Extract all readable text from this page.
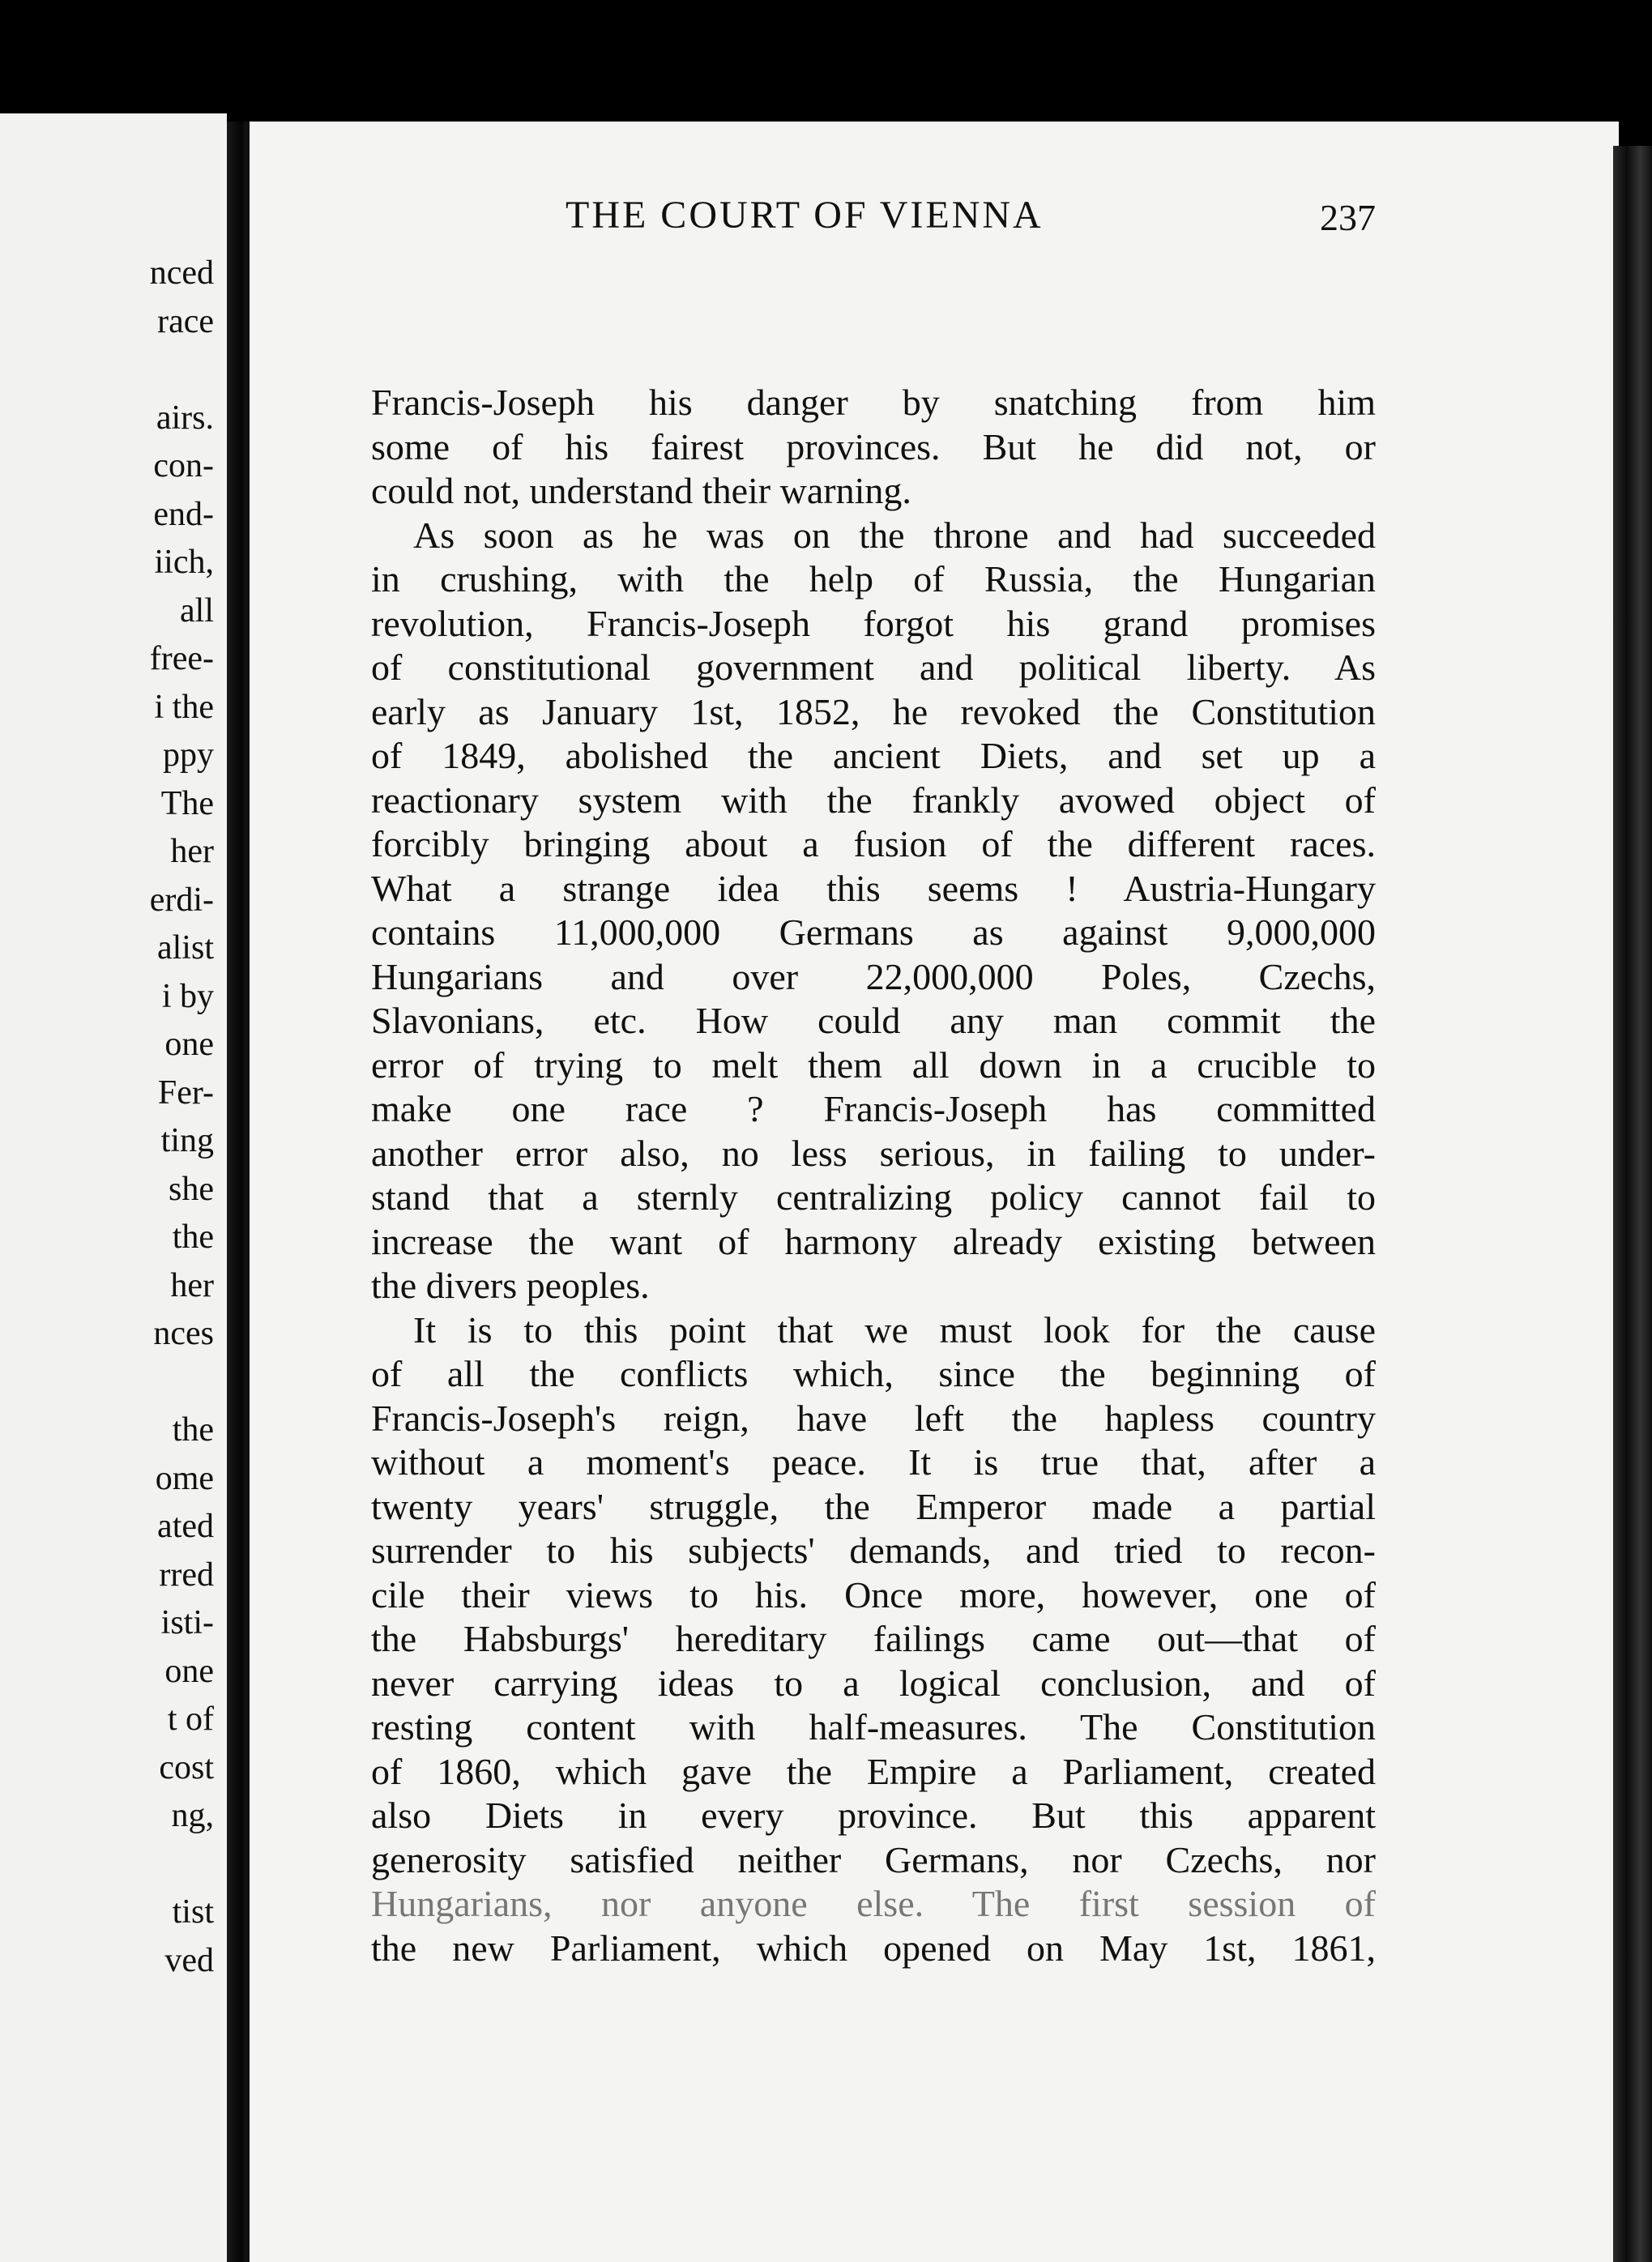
nced
race
airs.
con-
end-
iich,
all
free-
i the
ppy
The
her
erdi-
alist
i by
one
Fer-
ting
she
the
her
nces
the
ome
ated
rred
isti-
one
t of
cost
ng,
tist
ved
THE COURT OF VIENNA	237
Francis-Joseph his danger by snatching from him
some of his fairest provinces. But he did not, or
could not, understand their warning.
As soon as he was on the throne and had succeeded
in crushing, with the help of Russia, the Hungarian
revolution, Francis-Joseph forgot his grand promises
of constitutional government and political liberty. As
early as January 1st, 1852, he revoked the Constitution
of 1849, abolished the ancient Diets, and set up a
reactionary system with the frankly avowed object of
forcibly bringing about a fusion of the different races.
What a strange idea this seems ! Austria-Hungary
contains 11,000,000 Germans as against 9,000,000
Hungarians and over 22,000,000 Poles, Czechs,
Slavonians, etc. How could any man commit the
error of trying to melt them all down in a crucible to
make one race ? Francis-Joseph has committed
another error also, no less serious, in failing to under-
stand that a sternly centralizing policy cannot fail to
increase the want of harmony already existing between
the divers peoples.
It is to this point that we must look for the cause
of all the conflicts which, since the beginning of
Francis-Joseph's reign, have left the hapless country
without a moment's peace. It is true that, after a
twenty years' struggle, the Emperor made a partial
surrender to his subjects' demands, and tried to recon-
cile their views to his. Once more, however, one of
the Habsburgs' hereditary failings came out—that of
never carrying ideas to a logical conclusion, and of
resting content with half-measures. The Constitution
of 1860, which gave the Empire a Parliament, created
also Diets in every province. But this apparent
generosity satisfied neither Germans, nor Czechs, nor
Hungarians, nor anyone else. The first session of
the new Parliament, which opened on May 1st, 1861,
